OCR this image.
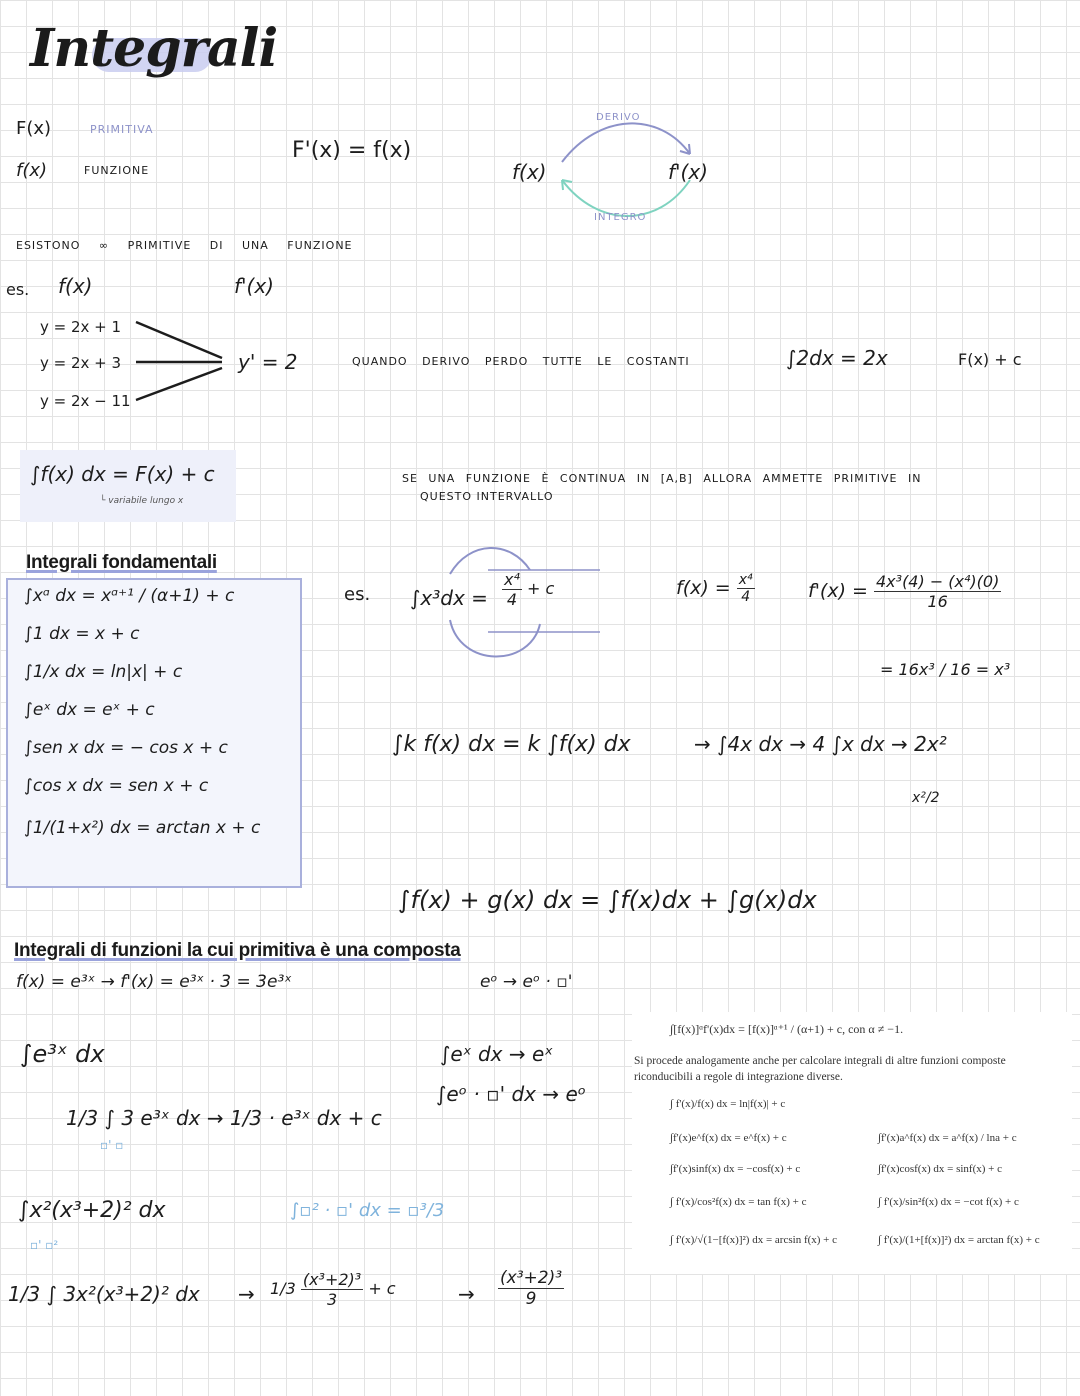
Integrali
F(x)	PRIMITIVA
f(x)	FUNZIONE
F'(x) = f(x)
f(x)	f'(x)
DERIVO
INTEGRO
ESISTONO ∞ PRIMITIVE DI UNA FUNZIONE
es. f(x)	f'(x)
y = 2x + 1
y = 2x + 3
y = 2x − 11
y' = 2	QUANDO DERIVO PERDO TUTTE LE COSTANTI	∫2dx = 2x	F(x) + c
∫f(x) dx = F(x) + c
└ variabile lungo x
SE UNA FUNZIONE È CONTINUA IN [A,B] ALLORA AMMETTE PRIMITIVE IN
QUESTO INTERVALLO
Integrali fondamentali
∫xᵅ dx = xᵅ⁺¹ / (α+1) + c
∫1 dx = x + c
∫1/x dx = ln|x| + c
∫eˣ dx = eˣ + c
∫sen x dx = − cos x + c
∫cos x dx = sen x + c
∫1/(1+x²) dx = arctan x + c
es. $\int x^3dx = \frac{\text{x⁴}}{4} + c$	$f(x) = \frac{\text{x⁴}}{4}$	$f'(x) = \frac{\text{4x³(4) − (x⁴)(0)}}{16}$
= 16x³ / 16 = x³
∫k f(x) dx = k ∫f(x) dx	→ ∫4x dx → 4 ∫x dx → 2x²
x²/2
∫f(x) + g(x) dx = ∫f(x)dx + ∫g(x)dx
Integrali di funzioni la cui primitiva è una composta
f(x) = e³ˣ → f'(x) = e³ˣ · 3 = 3e³ˣ	eᵒ → eᵒ · ▫'
∫e³ˣ dx
1/3 ∫ 3 e³ˣ dx → 1/3 · e³ˣ dx + c
▫' ▫
∫eˣ dx → eˣ
∫eᵒ · ▫' dx → eᵒ
∫x²(x³+2)² dx
▫' ▫²
∫▫² · ▫' dx = ▫³/3
1/3 ∫ 3x²(x³+2)² dx → $1/3 \frac{\text{(x³+2)³}}{3} + c$	→ $\frac{\text{(x³+2)³}}{9}$
∫[f(x)]ᵅf'(x)dx = [f(x)]ᵅ⁺¹ / (α+1) + c, con α ≠ −1.
Si procede analogamente anche per calcolare integrali di altre funzioni composte riconducibili a regole di integrazione diverse.
∫ f'(x)/f(x) dx = ln|f(x)| + c
∫f'(x)e^f(x) dx = e^f(x) + c	∫f'(x)a^f(x) dx = a^f(x) / lna + c
∫f'(x)sinf(x) dx = −cosf(x) + c	∫f'(x)cosf(x) dx = sinf(x) + c
∫ f'(x)/cos²f(x) dx = tan f(x) + c	∫ f'(x)/sin²f(x) dx = −cot f(x) + c
∫ f'(x)/√(1−[f(x)]²) dx = arcsin f(x) + c	∫ f'(x)/(1+[f(x)]²) dx = arctan f(x) + c
